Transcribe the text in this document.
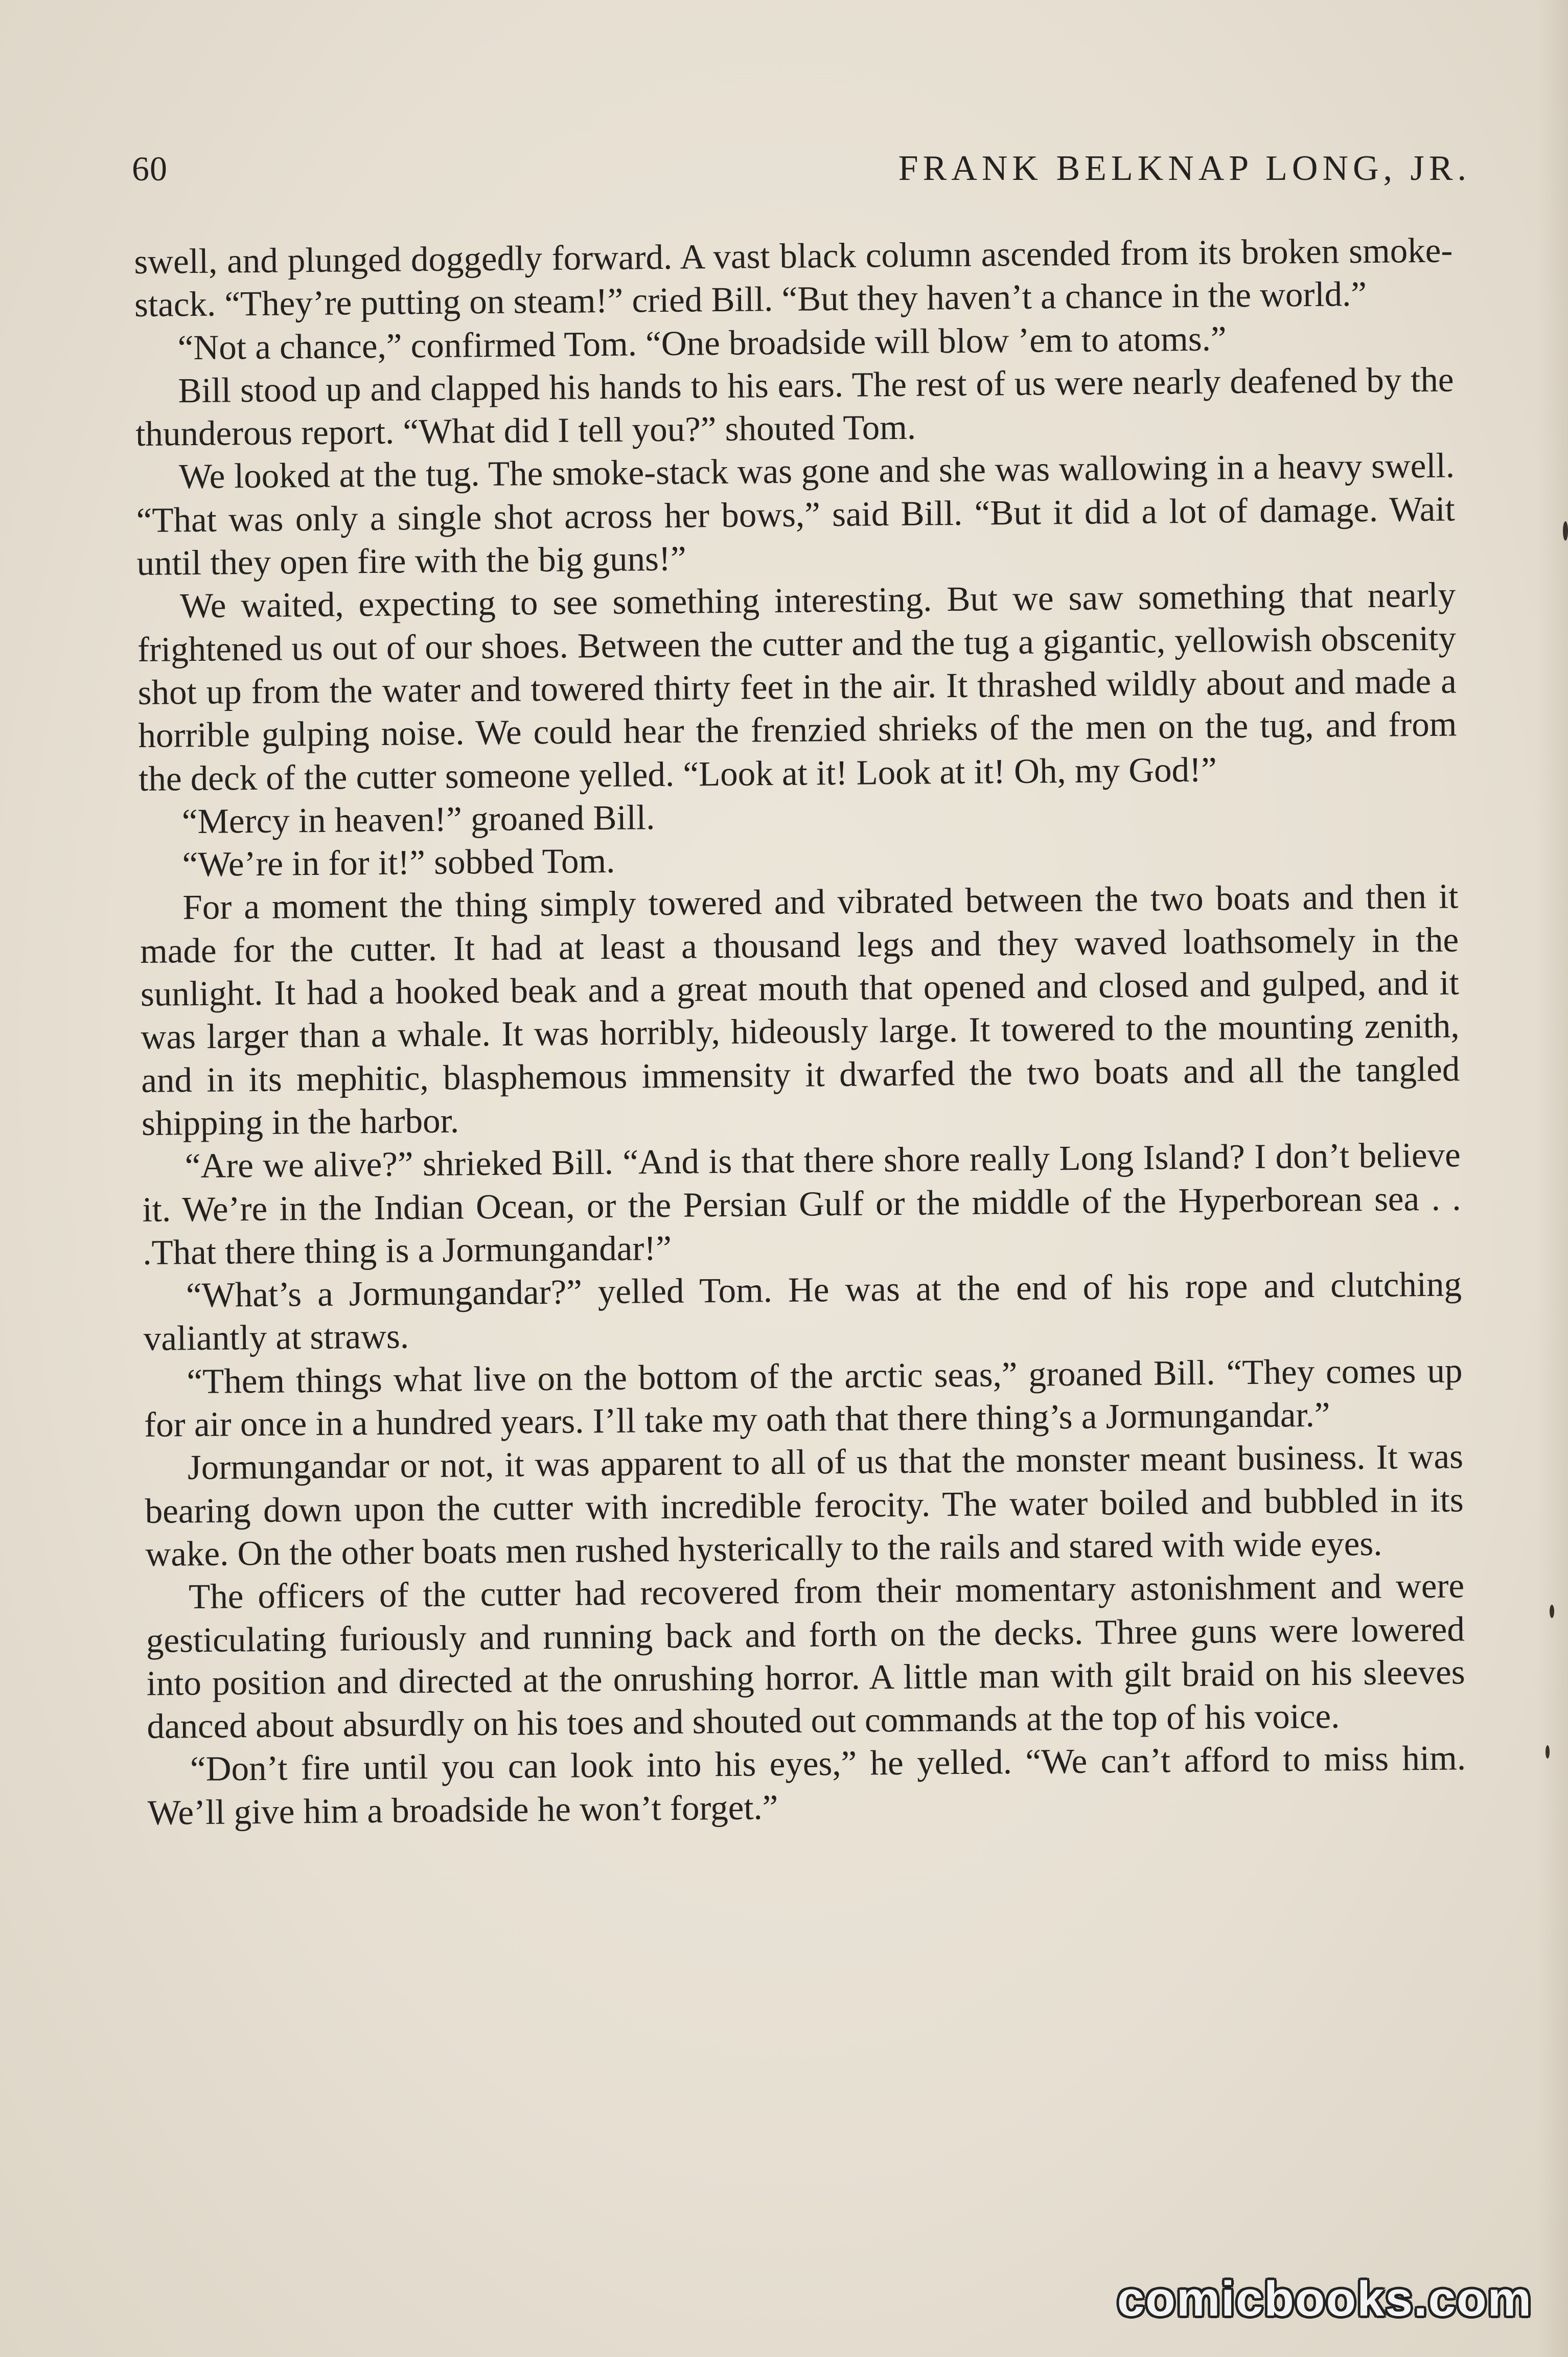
60	FRANK BELKNAP LONG, JR.

swell, and plunged doggedly forward. A vast black column ascended from its broken smoke-stack. “They’re putting on steam!” cried Bill. “But they haven’t a chance in the world.”

“Not a chance,” confirmed Tom. “One broadside will blow ’em to atoms.”

Bill stood up and clapped his hands to his ears. The rest of us were nearly deafened by the thunderous report. “What did I tell you?” shouted Tom.

We looked at the tug. The smoke-stack was gone and she was wallowing in a heavy swell. “That was only a single shot across her bows,” said Bill. “But it did a lot of damage. Wait until they open fire with the big guns!”

We waited, expecting to see something interesting. But we saw something that nearly frightened us out of our shoes. Between the cutter and the tug a gigantic, yellowish obscenity shot up from the water and towered thirty feet in the air. It thrashed wildly about and made a horrible gulping noise. We could hear the frenzied shrieks of the men on the tug, and from the deck of the cutter someone yelled. “Look at it! Look at it! Oh, my God!”

“Mercy in heaven!” groaned Bill.

“We’re in for it!” sobbed Tom.

For a moment the thing simply towered and vibrated between the two boats and then it made for the cutter. It had at least a thousand legs and they waved loathsomely in the sunlight. It had a hooked beak and a great mouth that opened and closed and gulped, and it was larger than a whale. It was horribly, hideously large. It towered to the mounting zenith, and in its mephitic, blasphemous immensity it dwarfed the two boats and all the tangled shipping in the harbor.

“Are we alive?” shrieked Bill. “And is that there shore really Long Island? I don’t believe it. We’re in the Indian Ocean, or the Persian Gulf or the middle of the Hyperborean sea . . .That there thing is a Jormungandar!”

“What’s a Jormungandar?” yelled Tom. He was at the end of his rope and clutching valiantly at straws.

“Them things what live on the bottom of the arctic seas,” groaned Bill. “They comes up for air once in a hundred years. I’ll take my oath that there thing’s a Jormungandar.”

Jormungandar or not, it was apparent to all of us that the monster meant business. It was bearing down upon the cutter with incredible ferocity. The water boiled and bubbled in its wake. On the other boats men rushed hysterically to the rails and stared with wide eyes.

The officers of the cutter had recovered from their momentary astonishment and were gesticulating furiously and running back and forth on the decks. Three guns were lowered into position and directed at the onrushing horror. A little man with gilt braid on his sleeves danced about absurdly on his toes and shouted out commands at the top of his voice.

“Don’t fire until you can look into his eyes,” he yelled. “We can’t afford to miss him. We’ll give him a broadside he won’t forget.”

comicbooks.com
